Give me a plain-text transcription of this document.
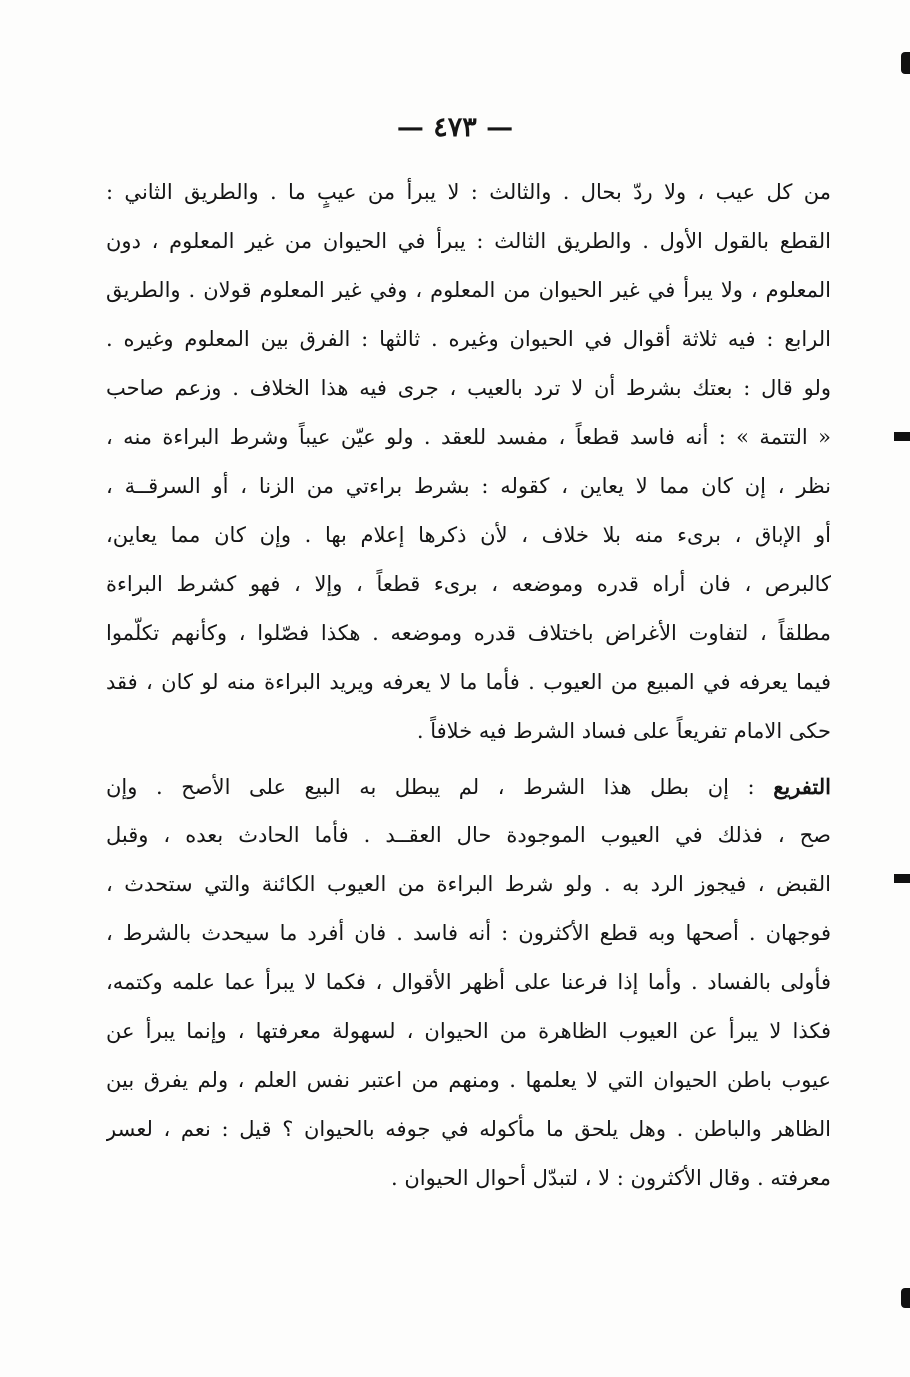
— ٤٧٣ —
من كل عيب ، ولا ردّ بحال . والثالث : لا يبرأ من عيبٍ ما . والطريق الثاني :
القطع بالقول الأول . والطريق الثالث : يبرأ في الحيوان من غير المعلوم ، دون
المعلوم ، ولا يبرأ في غير الحيوان من المعلوم ، وفي غير المعلوم قولان . والطريق
الرابع : فيه ثلاثة أقوال في الحيوان وغيره . ثالثها : الفرق بين المعلوم وغيره .
ولو قال : بعتك بشرط أن لا ترد بالعيب ، جرى فيه هذا الخلاف . وزعم صاحب
« التتمة » : أنه فاسد قطعاً ، مفسد للعقد . ولو عيّن عيباً وشرط البراءة منه ،
نظر ، إن كان مما لا يعاين ، كقوله : بشرط براءتي من الزنا ، أو السرقــة ،
أو الإباق ، برىء منه بلا خلاف ، لأن ذكرها إعلام بها . وإن كان مما يعاين،
كالبرص ، فان أراه قدره وموضعه ، برىء قطعاً ، وإلا ، فهو كشرط البراءة
مطلقاً ، لتفاوت الأغراض باختلاف قدره وموضعه . هكذا فصّلوا ، وكأنهم تكلّموا
فيما يعرفه في المبيع من العيوب . فأما ما لا يعرفه ويريد البراءة منه لو كان ، فقد
حكى الامام تفريعاً على فساد الشرط فيه خلافاً .
التفريع : إن بطل هذا الشرط ، لم يبطل به البيع على الأصح . وإن
صح ، فذلك في العيوب الموجودة حال العقــد . فأما الحادث بعده ، وقبل
القبض ، فيجوز الرد به . ولو شرط البراءة من العيوب الكائنة والتي ستحدث ،
فوجهان . أصحها وبه قطع الأكثرون : أنه فاسد . فان أفرد ما سيحدث بالشرط ،
فأولى بالفساد . وأما إذا فرعنا على أظهر الأقوال ، فكما لا يبرأ عما علمه وكتمه،
فكذا لا يبرأ عن العيوب الظاهرة من الحيوان ، لسهولة معرفتها ، وإنما يبرأ عن
عيوب باطن الحيوان التي لا يعلمها . ومنهم من اعتبر نفس العلم ، ولم يفرق بين
الظاهر والباطن . وهل يلحق ما مأكوله في جوفه بالحيوان ؟ قيل : نعم ، لعسر
معرفته . وقال الأكثرون : لا ، لتبدّل أحوال الحيوان .
